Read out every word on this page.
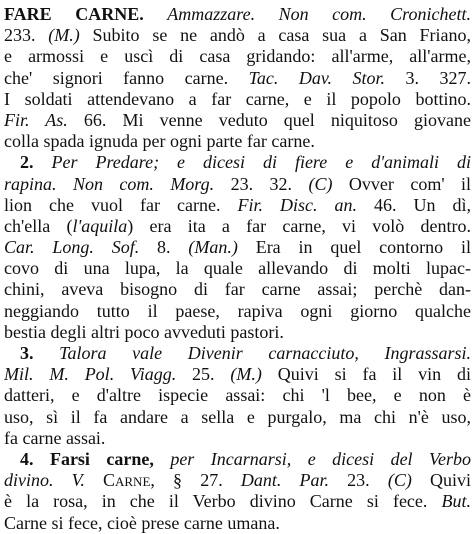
FARE CARNE. Ammazzare. Non com. Cronichett.
233. (M.) Subito se ne andò a casa sua a San Friano,
e armossi e uscì di casa gridando: all'arme, all'arme,
che' signori fanno carne. Tac. Dav. Stor. 3. 327.
I soldati attendevano a far carne, e il popolo bottino.
Fir. As. 66. Mi venne veduto quel niquitoso giovane
colla spada ignuda per ogni parte far carne.
2. Per Predare; e dicesi di fiere e d'animali di
rapina. Non com. Morg. 23. 32. (C) Ovver com' il
lion che vuol far carne. Fir. Disc. an. 46. Un dì,
ch'ella (l'aquila) era ita a far carne, vi volò dentro.
Car. Long. Sof. 8. (Man.) Era in quel contorno il
covo di una lupa, la quale allevando di molti lupac-
chini, aveva bisogno di far carne assai; perchè dan-
neggiando tutto il paese, rapiva ogni giorno qualche
bestia degli altri poco avveduti pastori.
3. Talora vale Divenir carnacciuto, Ingrassarsi.
Mil. M. Pol. Viagg. 25. (M.) Quivi si fa il vin di
datteri, e d'altre ispecie assai: chi 'l bee, e non è
uso, sì il fa andare a sella e purgalo, ma chi n'è uso,
fa carne assai.
4. Farsi carne, per Incarnarsi, e dicesi del Verbo
divino. V. Carne, § 27. Dant. Par. 23. (C) Quivi
è la rosa, in che il Verbo divino Carne si fece. But.
Carne si fece, cioè prese carne umana.
